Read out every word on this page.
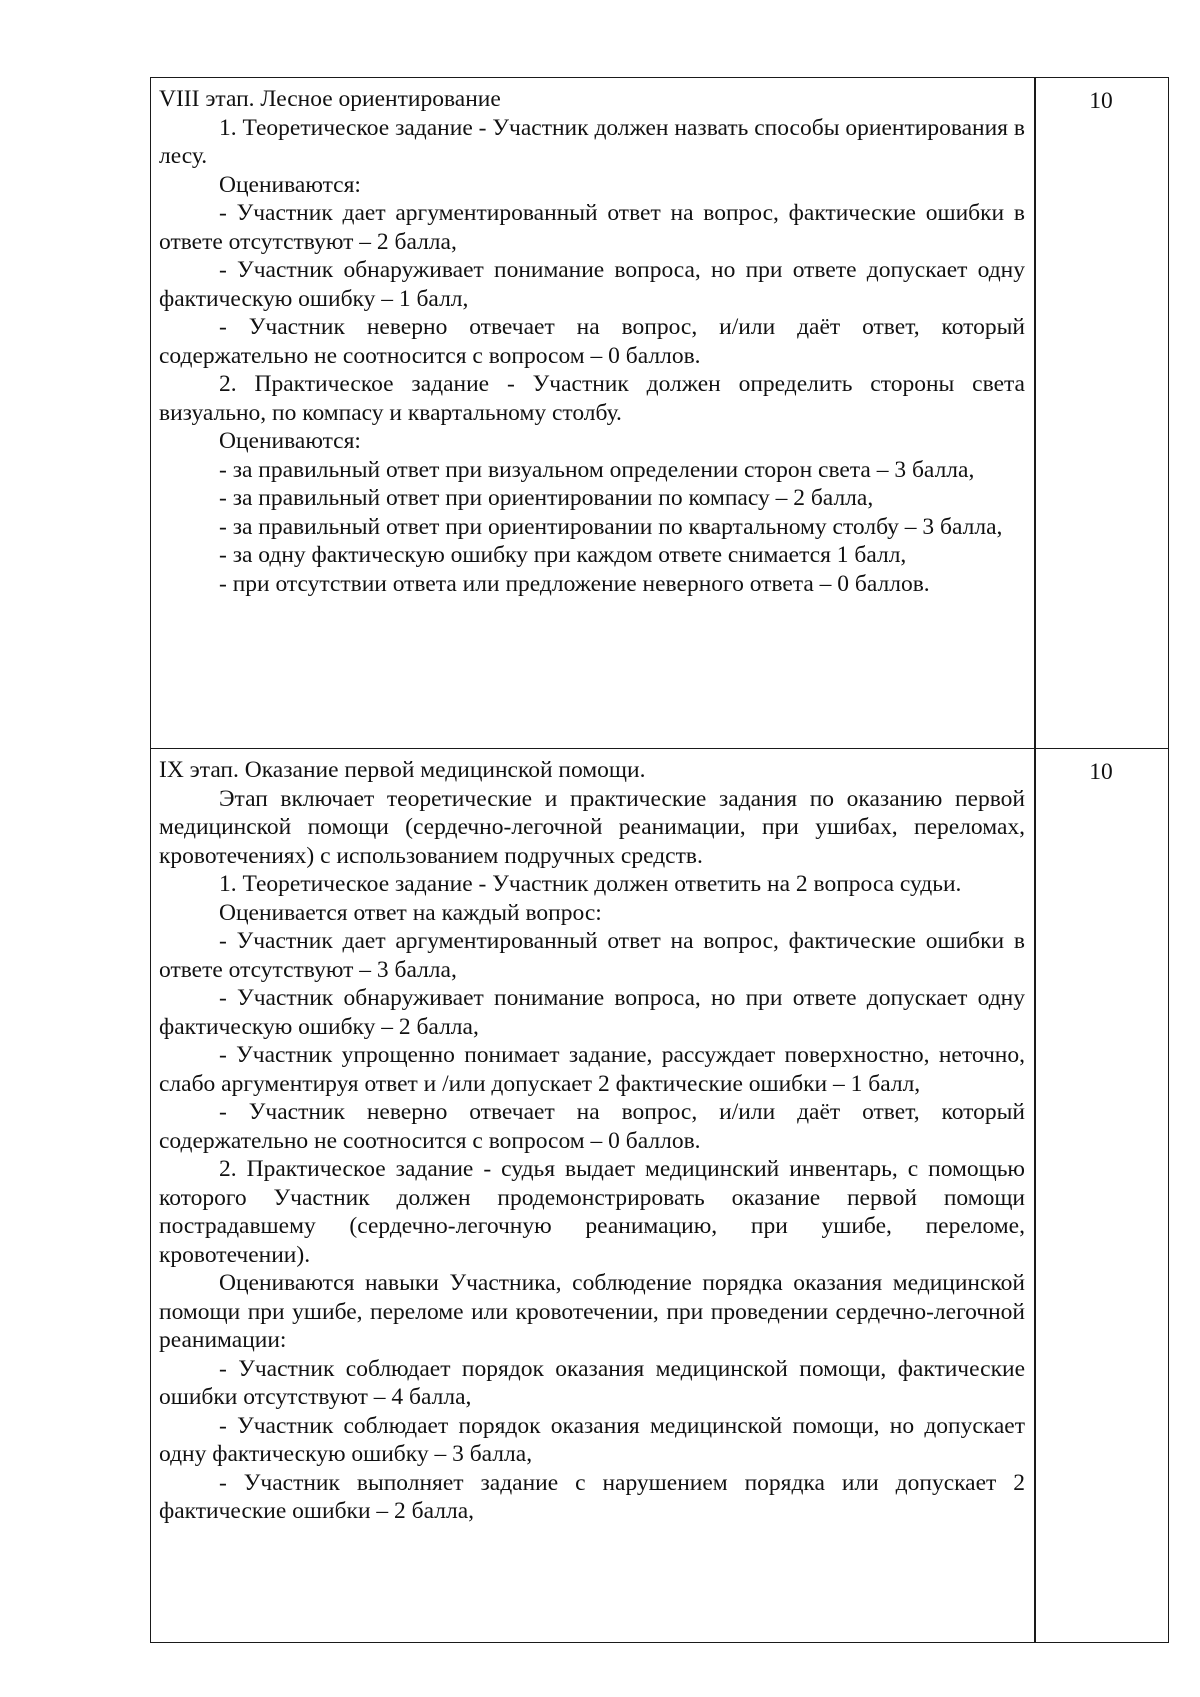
VIII этап. Лесное ориентирование

1. Теоретическое задание - Участник должен назвать способы ориентирования в лесу.

Оцениваются:

- Участник дает аргументированный ответ на вопрос, фактические ошибки в ответе отсутствуют – 2 балла,

- Участник обнаруживает понимание вопроса, но при ответе допускает одну фактическую ошибку – 1 балл,

- Участник неверно отвечает на вопрос, и/или даёт ответ, который содержательно не соотносится с вопросом – 0 баллов.

2. Практическое задание - Участник должен определить стороны света визуально, по компасу и квартальному столбу.

Оцениваются:

- за правильный ответ при визуальном определении сторон света – 3 балла,

- за правильный ответ при ориентировании по компасу – 2 балла,

- за правильный ответ при ориентировании по квартальному столбу – 3 балла,

- за одну фактическую ошибку при каждом ответе снимается 1 балл,

- при отсутствии ответа или предложение неверного ответа – 0 баллов.

10

IX этап. Оказание первой медицинской помощи.

Этап включает теоретические и практические задания по оказанию первой медицинской помощи (сердечно-легочной реанимации, при ушибах, переломах, кровотечениях) с использованием подручных средств.

1. Теоретическое задание - Участник должен ответить на 2 вопроса судьи.

Оценивается ответ на каждый вопрос:

- Участник дает аргументированный ответ на вопрос, фактические ошибки в ответе отсутствуют – 3 балла,

- Участник обнаруживает понимание вопроса, но при ответе допускает одну фактическую ошибку – 2 балла,

- Участник упрощенно понимает задание, рассуждает поверхностно, неточно, слабо аргументируя ответ и /или допускает 2 фактические ошибки – 1 балл,

- Участник неверно отвечает на вопрос, и/или даёт ответ, который содержательно не соотносится с вопросом – 0 баллов.

2. Практическое задание - судья выдает медицинский инвентарь, с помощью которого Участник должен продемонстрировать оказание первой помощи пострадавшему (сердечно-легочную реанимацию, при ушибе, переломе, кровотечении).

Оцениваются навыки Участника, соблюдение порядка оказания медицинской помощи при ушибе, переломе или кровотечении, при проведении сердечно-легочной реанимации:

- Участник соблюдает порядок оказания медицинской помощи, фактические ошибки отсутствуют – 4 балла,

- Участник соблюдает порядок оказания медицинской помощи, но допускает одну фактическую ошибку – 3 балла,

- Участник выполняет задание с нарушением порядка или допускает 2 фактические ошибки – 2 балла,

10
